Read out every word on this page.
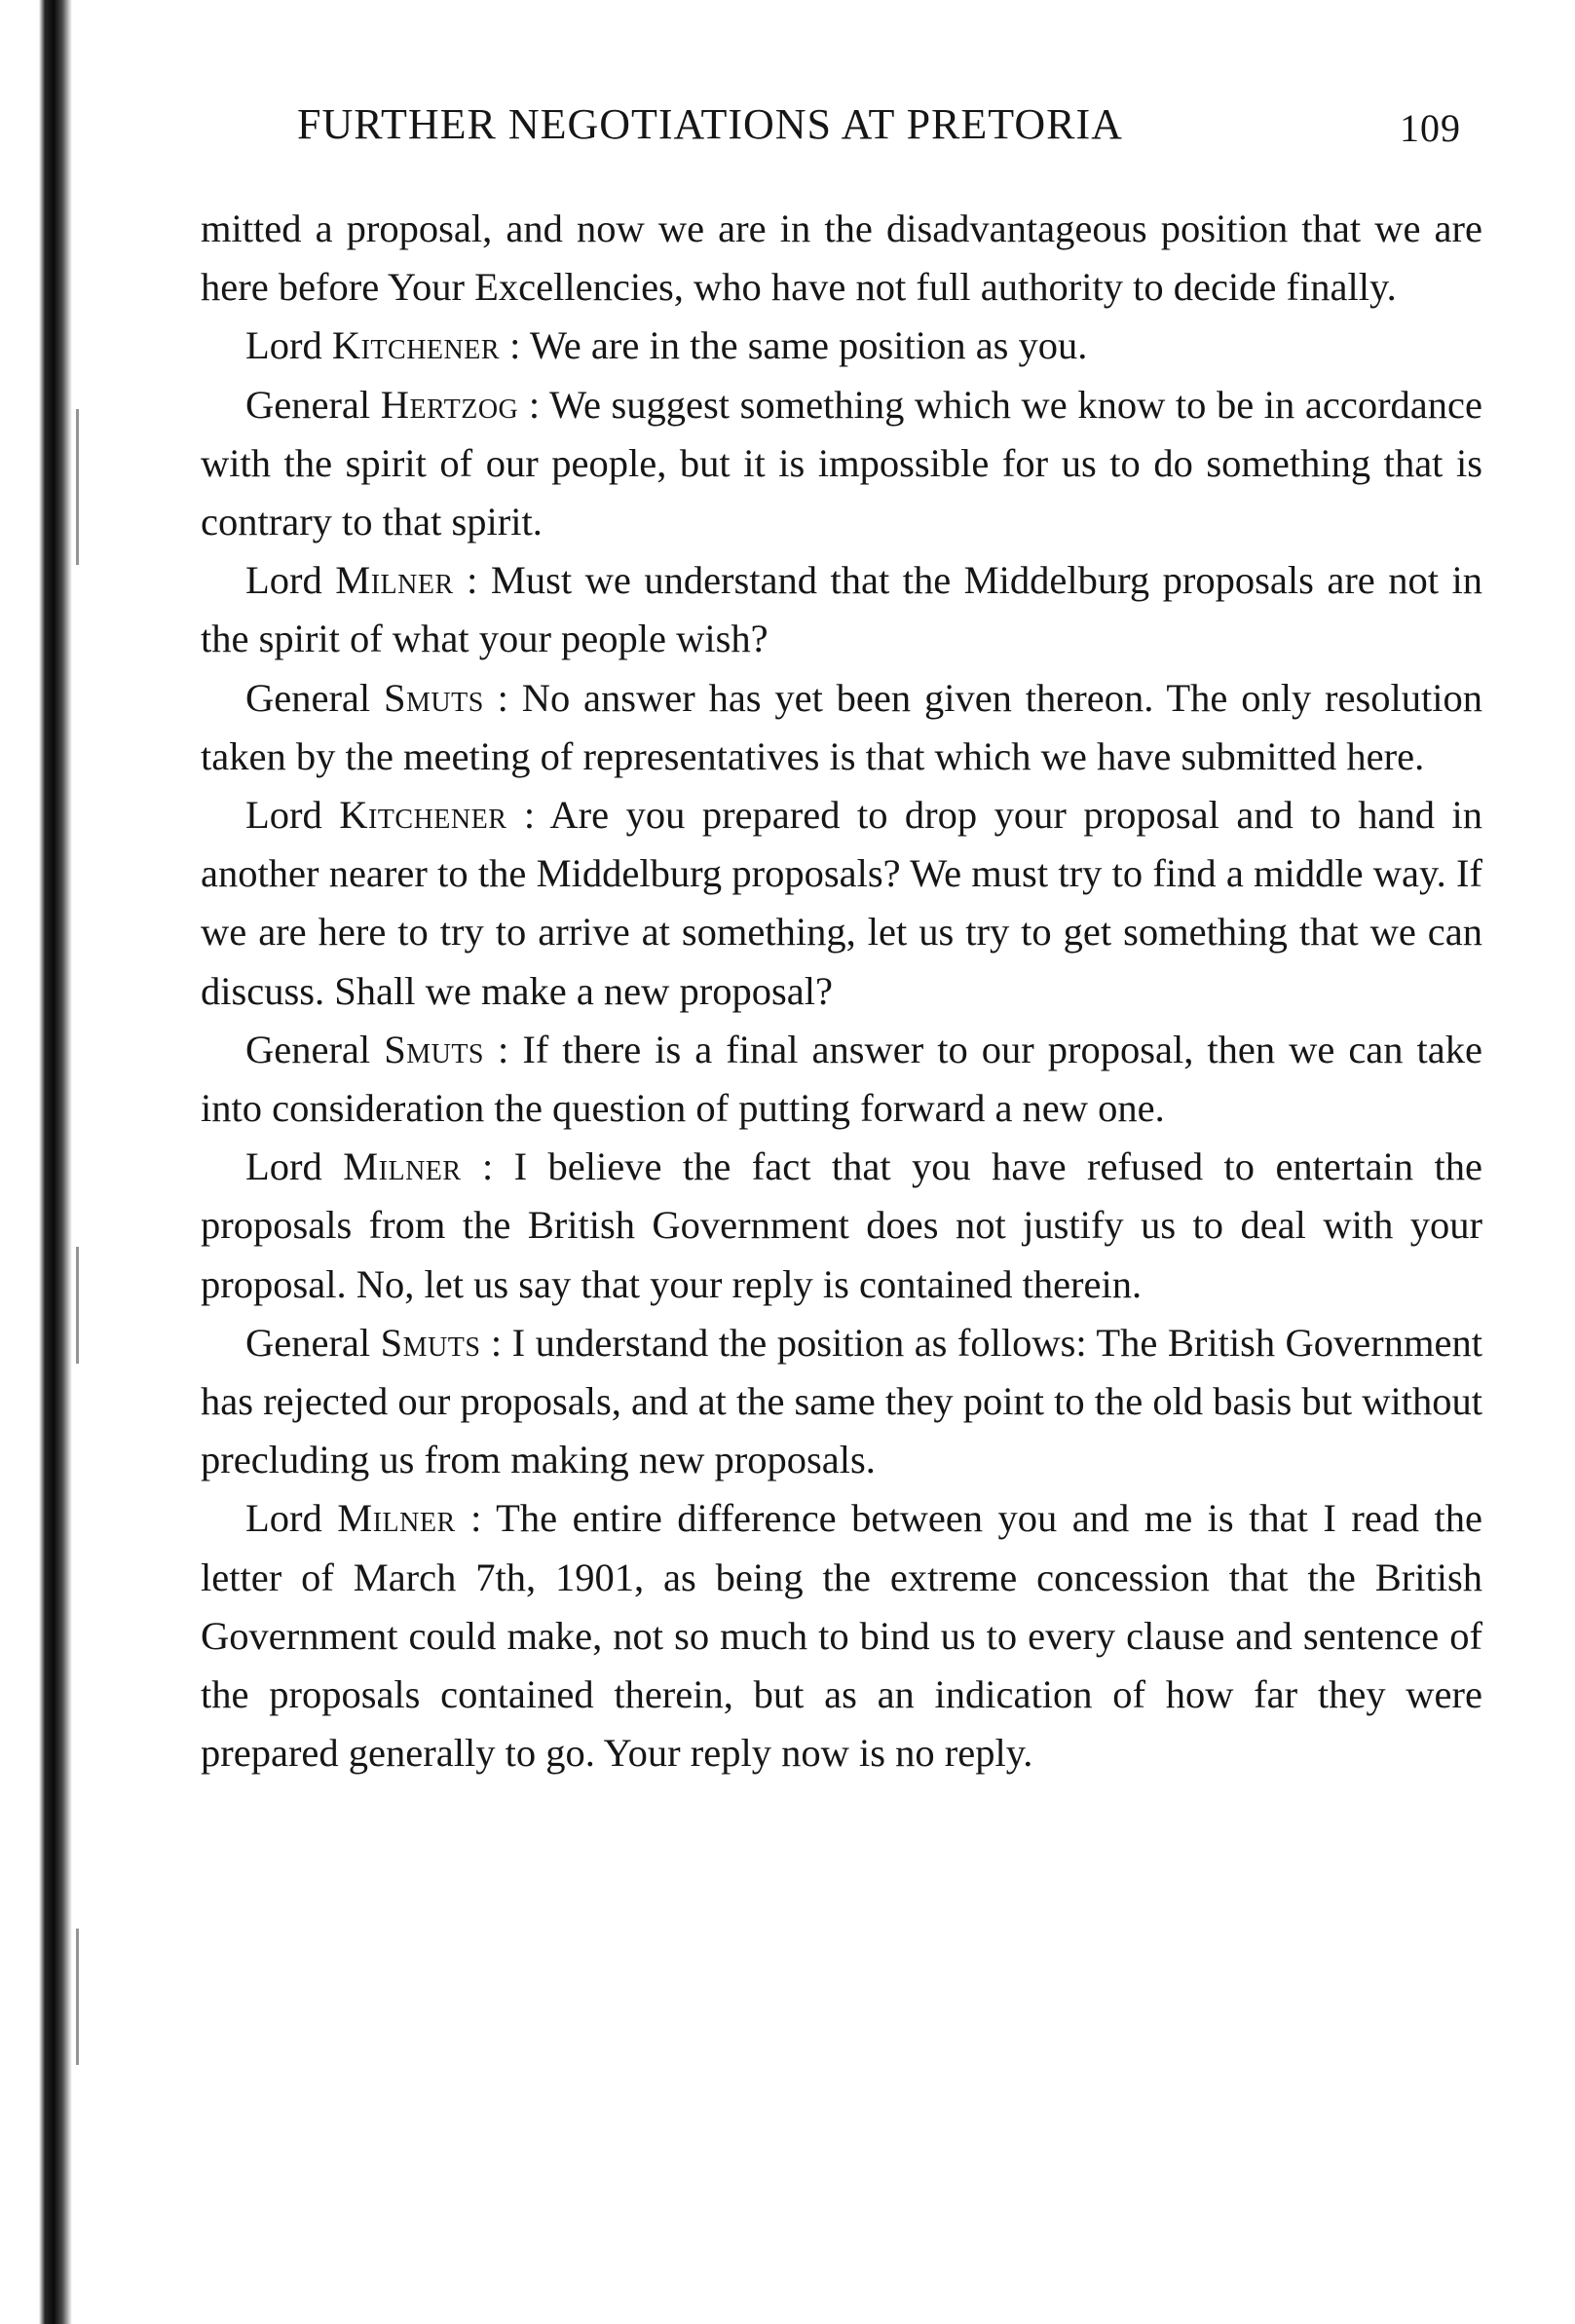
FURTHER NEGOTIATIONS AT PRETORIA	109

mitted a proposal, and now we are in the disadvantageous position that we are here before Your Excellencies, who have not full authority to decide finally.

Lord Kitchener : We are in the same position as you.

General Hertzog : We suggest something which we know to be in accordance with the spirit of our people, but it is impossible for us to do something that is contrary to that spirit.

Lord Milner : Must we understand that the Middelburg proposals are not in the spirit of what your people wish?

General Smuts : No answer has yet been given thereon. The only resolution taken by the meeting of representatives is that which we have submitted here.

Lord Kitchener : Are you prepared to drop your proposal and to hand in another nearer to the Middelburg proposals? We must try to find a middle way. If we are here to try to arrive at something, let us try to get something that we can discuss. Shall we make a new proposal?

General Smuts : If there is a final answer to our proposal, then we can take into consideration the question of putting forward a new one.

Lord Milner : I believe the fact that you have refused to entertain the proposals from the British Government does not justify us to deal with your proposal. No, let us say that your reply is contained therein.

General Smuts : I understand the position as follows: The British Government has rejected our proposals, and at the same they point to the old basis but without precluding us from making new proposals.

Lord Milner : The entire difference between you and me is that I read the letter of March 7th, 1901, as being the extreme concession that the British Government could make, not so much to bind us to every clause and sentence of the proposals contained therein, but as an indication of how far they were prepared generally to go. Your reply now is no reply.
